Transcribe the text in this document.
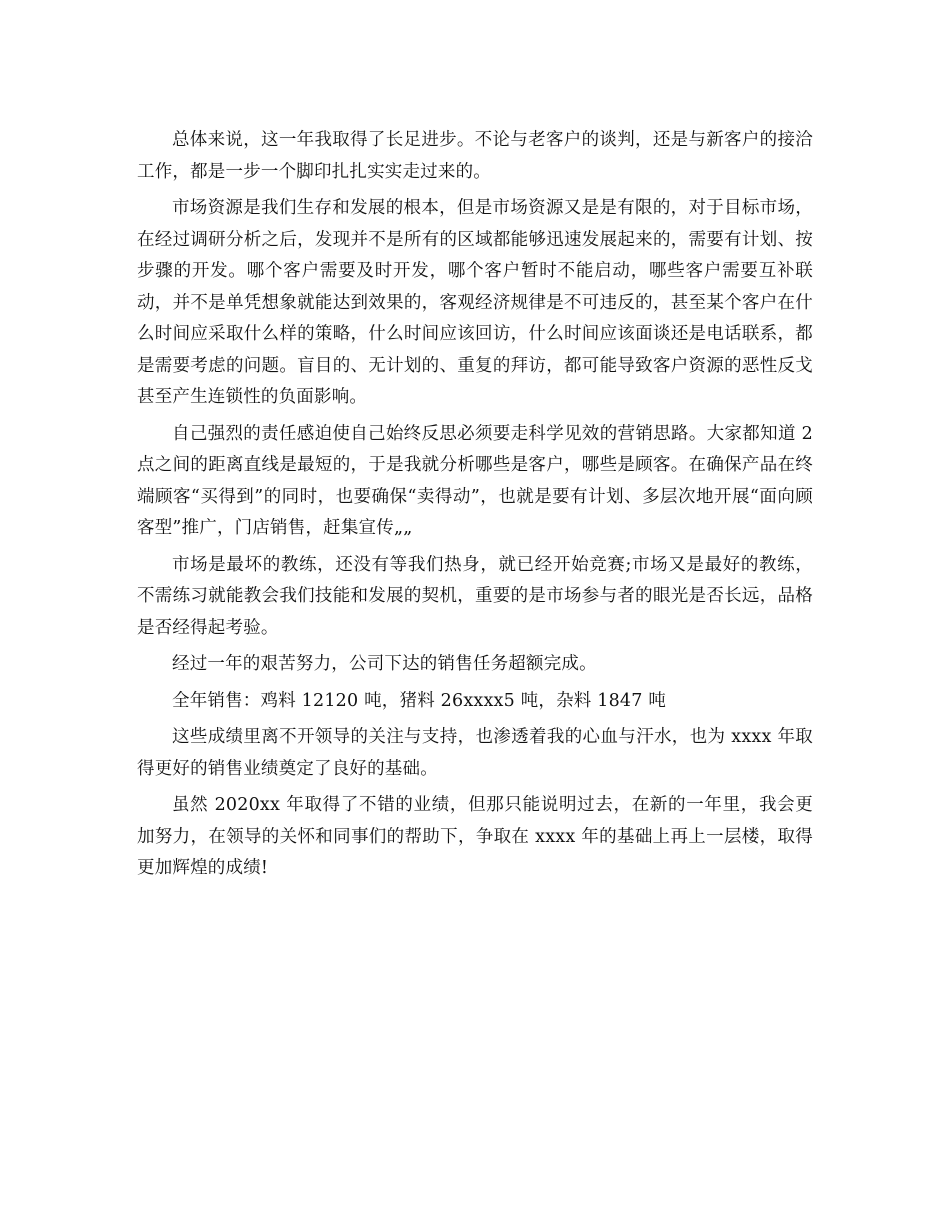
总体来说，这一年我取得了长足进步。不论与老客户的谈判，还是与新客户的接洽工作，都是一步一个脚印扎扎实实走过来的。

市场资源是我们生存和发展的根本，但是市场资源又是是有限的，对于目标市场，在经过调研分析之后，发现并不是所有的区域都能够迅速发展起来的，需要有计划、按步骤的开发。哪个客户需要及时开发，哪个客户暂时不能启动，哪些客户需要互补联动，并不是单凭想象就能达到效果的，客观经济规律是不可违反的，甚至某个客户在什么时间应采取什么样的策略，什么时间应该回访，什么时间应该面谈还是电话联系，都是需要考虑的问题。盲目的、无计划的、重复的拜访，都可能导致客户资源的恶性反戈甚至产生连锁性的负面影响。

自己强烈的责任感迫使自己始终反思必须要走科学见效的营销思路。大家都知道 2 点之间的距离直线是最短的，于是我就分析哪些是客户，哪些是顾客。在确保产品在终端顾客“买得到”的同时，也要确保“卖得动”，也就是要有计划、多层次地开展“面向顾客型”推广，门店销售，赶集宣传„„

市场是最坏的教练，还没有等我们热身，就已经开始竞赛;市场又是最好的教练，不需练习就能教会我们技能和发展的契机，重要的是市场参与者的眼光是否长远，品格是否经得起考验。

经过一年的艰苦努力，公司下达的销售任务超额完成。

全年销售：鸡料 12120 吨，猪料 26xxxx5 吨，杂料 1847 吨

这些成绩里离不开领导的关注与支持，也渗透着我的心血与汗水，也为 xxxx 年取得更好的销售业绩奠定了良好的基础。

虽然 2020xx 年取得了不错的业绩，但那只能说明过去，在新的一年里，我会更加努力，在领导的关怀和同事们的帮助下，争取在 xxxx 年的基础上再上一层楼，取得更加辉煌的成绩!
